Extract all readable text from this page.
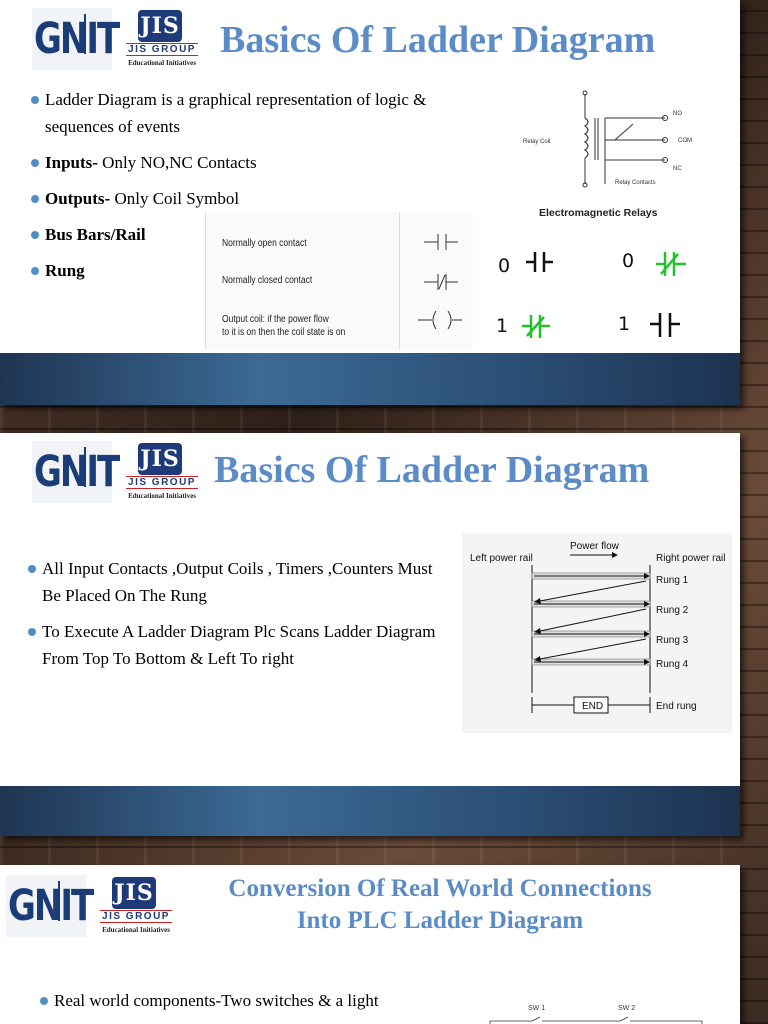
GNIT JIS
JIS GROUP
Educational Initiatives
Basics Of Ladder Diagram
Ladder Diagram is a graphical representation of logic & sequences of events
Inputs- Only NO,NC Contacts
Outputs- Only Coil Symbol
Bus Bars/Rail
Rung
Relay Coil
NO
COM
NC
Relay Contacts
Electromagnetic Relays
Normally open contact
Normally closed contact
Output coil: if the power flow
to it is on then the coil state is on
0	0
1	1
GNIT JIS
JIS GROUP
Educational Initiatives
Basics Of Ladder Diagram
All Input Contacts ,Output Coils , Timers ,Counters Must Be Placed On The Rung
To Execute A Ladder Diagram Plc Scans Ladder Diagram From Top To Bottom & Left To right
Power flow
Left power rail	Right power rail
Rung 1
Rung 2
Rung 3
Rung 4
END	End rung
GNIT JIS
JIS GROUP
Educational Initiatives
Conversion Of Real World Connections
Into PLC Ladder Diagram
Real world components-Two switches & a light	SW 1	SW 2
